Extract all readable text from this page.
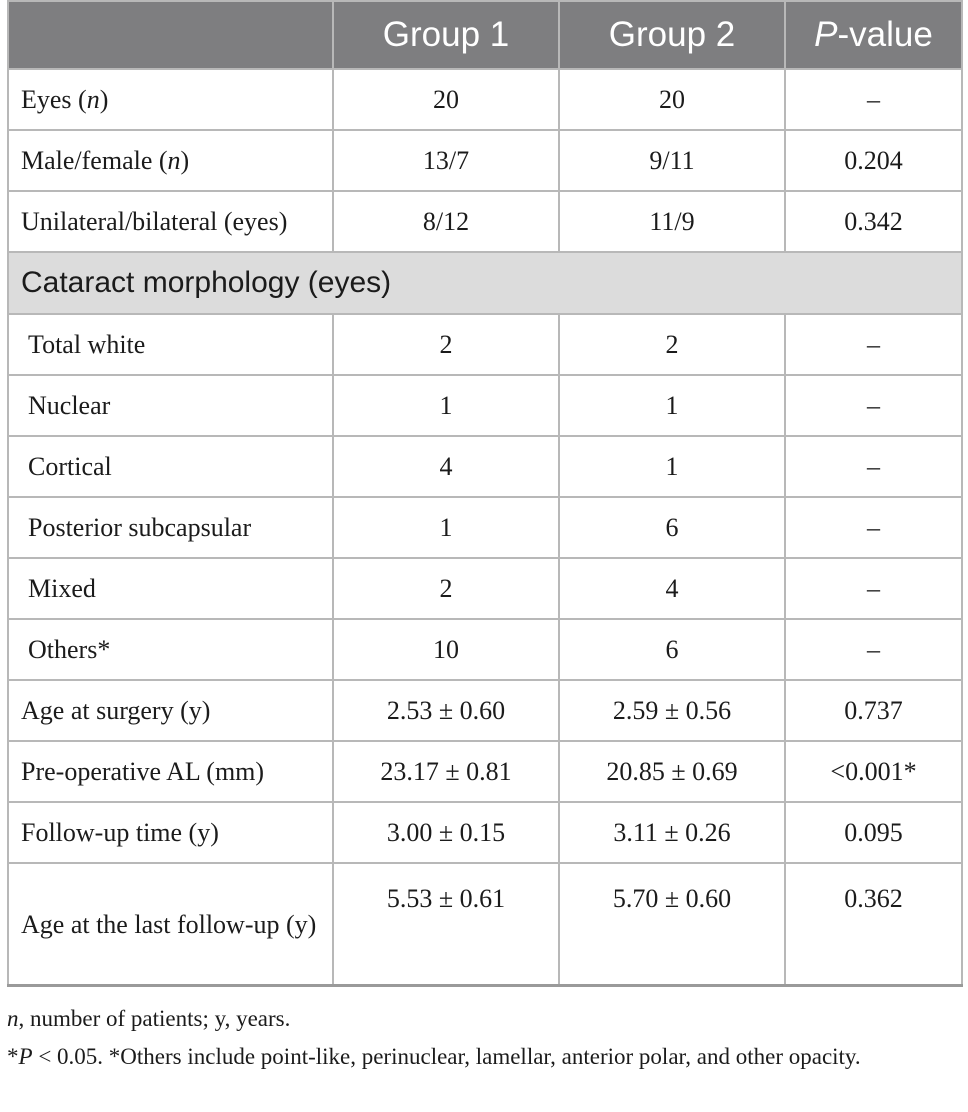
	Group 1	Group 2	P-value
Eyes (n)	20	20	–
Male/female (n)	13/7	9/11	0.204
Unilateral/bilateral (eyes)	8/12	11/9	0.342
Cataract morphology (eyes)			
Total white	2	2	–
Nuclear	1	1	–
Cortical	4	1	–
Posterior subcapsular	1	6	–
Mixed	2	4	–
Others*	10	6	–
Age at surgery (y)	2.53 ± 0.60	2.59 ± 0.56	0.737
Pre-operative AL (mm)	23.17 ± 0.81	20.85 ± 0.69	<0.001*
Follow-up time (y)	3.00 ± 0.15	3.11 ± 0.26	0.095
Age at the last follow-up (y)	5.53 ± 0.61	5.70 ± 0.60	0.362

n, number of patients; y, years.

*P < 0.05. *Others include point-like, perinuclear, lamellar, anterior polar, and other opacity.
